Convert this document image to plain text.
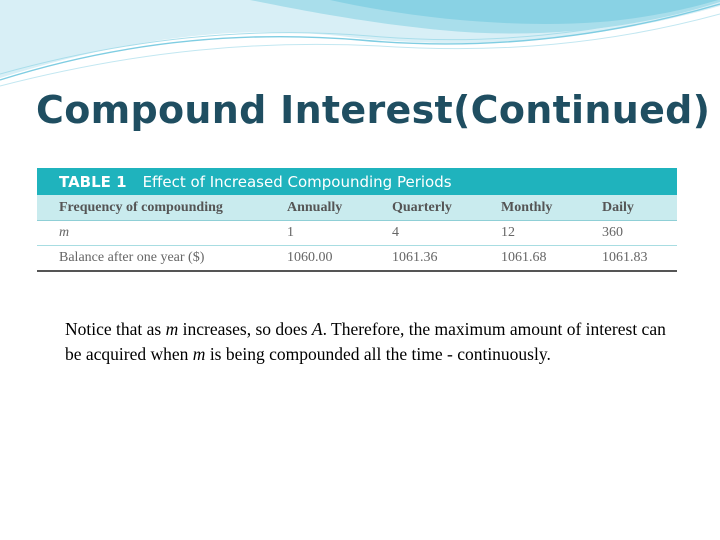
Compound Interest(Continued)
TABLE 1 Effect of Increased Compounding Periods				
Frequency of compounding	Annually	Quarterly	Monthly	Daily
m	1	4	12	360
Balance after one year ($)	1060.00	1061.36	1061.68	1061.83

Notice that as m increases, so does A. Therefore, the maximum amount of interest can be acquired when m is being compounded all the time - continuously.
